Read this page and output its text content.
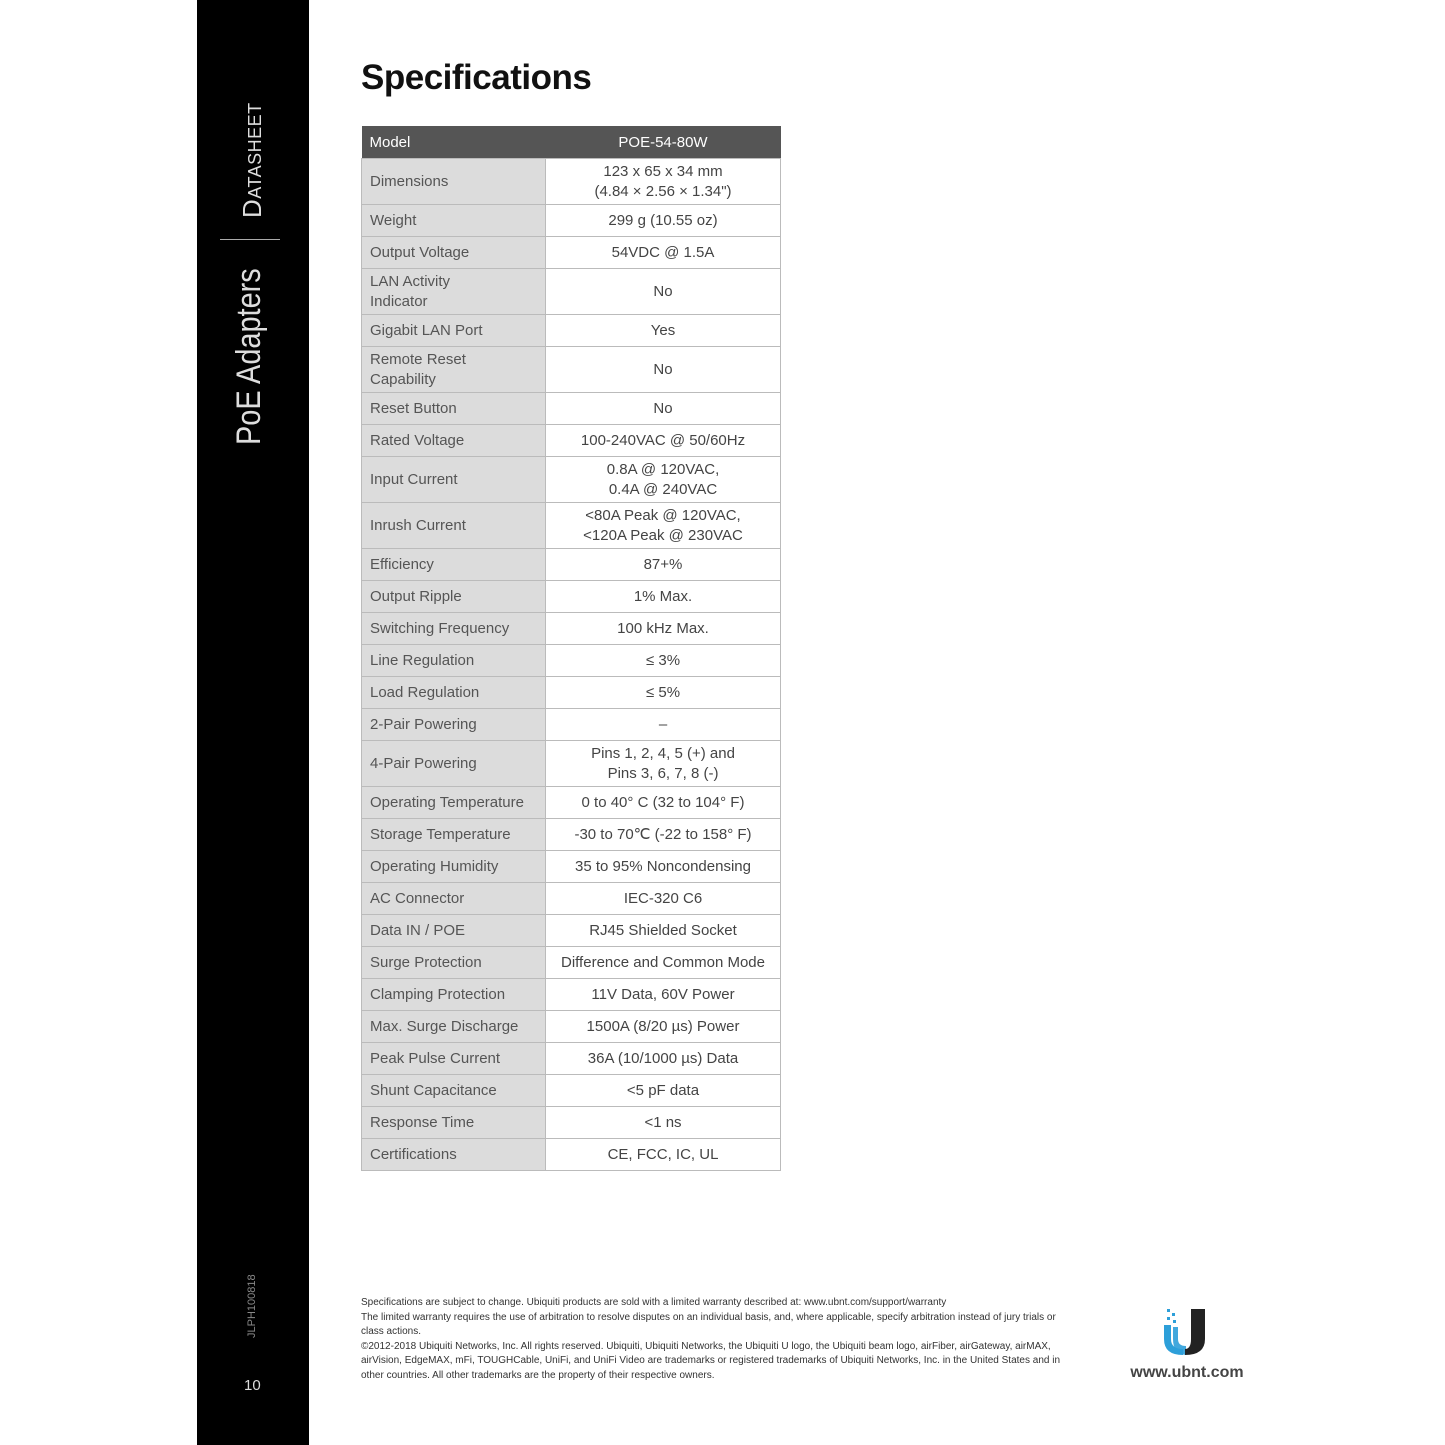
Datasheet
PoE Adapters
JLPH100818
10
Specifications
Model	POE-54-80W
Dimensions	123 x 65 x 34 mm
(4.84 × 2.56 × 1.34")

Weight	299 g (10.55 oz)

Output Voltage	54VDC @ 1.5A

LAN Activity
Indicator	No

Gigabit LAN Port	Yes

Remote Reset
Capability	No

Reset Button	No

Rated Voltage	100-240VAC @ 50/60Hz

Input Current	0.8A @ 120VAC,
0.4A @ 240VAC

Inrush Current	<80A Peak @ 120VAC,
<120A Peak @ 230VAC

Efficiency	87+%

Output Ripple	1% Max.

Switching Frequency	100 kHz Max.

Line Regulation	≤ 3%

Load Regulation	≤ 5%

2-Pair Powering	–

4-Pair Powering	Pins 1, 2, 4, 5 (+) and
Pins 3, 6, 7, 8 (-)

Operating Temperature	0 to 40° C (32 to 104° F)

Storage Temperature	-30 to 70℃ (-22 to 158° F)

Operating Humidity	35 to 95% Noncondensing

AC Connector	IEC-320 C6

Data IN / POE	RJ45 Shielded Socket

Surge Protection	Difference and Common Mode

Clamping Protection	11V Data, 60V Power

Max. Surge Discharge	1500A (8/20 µs) Power

Peak Pulse Current	36A (10/1000 µs) Data

Shunt Capacitance	<5 pF data

Response Time	<1 ns

Certifications	CE, FCC, IC, UL
Specifications are subject to change. Ubiquiti products are sold with a limited warranty described at: www.ubnt.com/support/warranty
The limited warranty requires the use of arbitration to resolve disputes on an individual basis, and, where applicable, specify arbitration instead of jury trials or class actions.
©2012-2018 Ubiquiti Networks, Inc. All rights reserved. Ubiquiti, Ubiquiti Networks, the Ubiquiti U logo, the Ubiquiti beam logo, airFiber, airGateway, airMAX, airVision, EdgeMAX, mFi, TOUGHCable, UniFi, and UniFi Video are trademarks or registered trademarks of Ubiquiti Networks, Inc. in the United States and in other countries. All other trademarks are the property of their respective owners.	www.ubnt.com
